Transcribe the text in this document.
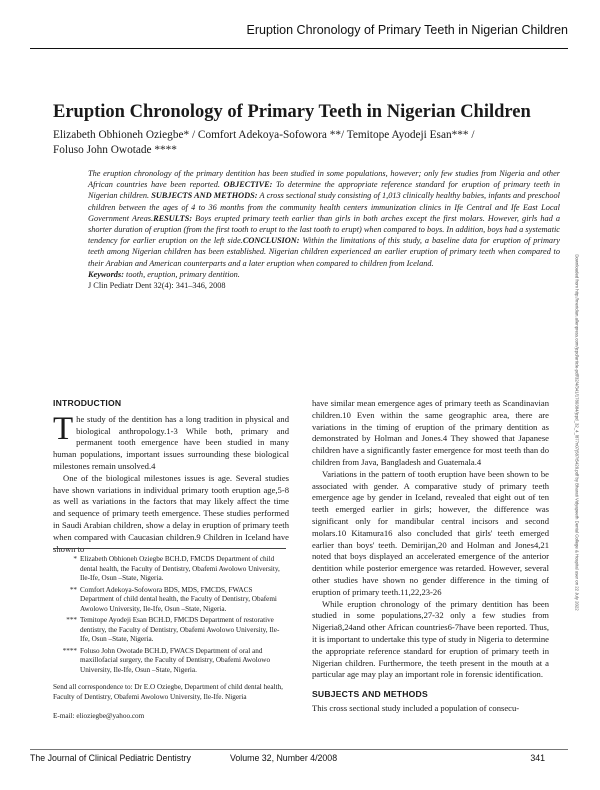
Eruption Chronology of Primary Teeth in Nigerian Children
Eruption Chronology of Primary Teeth in Nigerian Children
Elizabeth Obhioneh Oziegbe* / Comfort Adekoya-Sofowora **/ Temitope Ayodeji Esan*** /
Foluso John Owotade ****
The eruption chronology of the primary dentition has been studied in some populations, however; only few studies from Nigeria and other African countries have been reported. OBJECTIVE: To determine the appropriate reference standard for eruption of primary teeth in Nigerian children. SUBJECTS AND METHODS: A cross sectional study consisting of 1,013 clinically healthy babies, infants and preschool children between the ages of 4 to 36 months from the community health centers immunization clinics in Ife Central and Ife East Local Government Areas.RESULTS: Boys erupted primary teeth earlier than girls in both arches except the first molars. However, girls had a shorter duration of eruption (from the first tooth to erupt to the last tooth to erupt) when compared to boys. In addition, boys had a systematic tendency for earlier eruption on the left side.CONCLUSION: Within the limitations of this study, a baseline data for eruption of primary teeth among Nigerian children has been established. Nigerian children experienced an earlier eruption of primary teeth when compared to their Arabian and American counterparts and a later eruption when compared to children from Iceland.
Keywords: tooth, eruption, primary dentition.
J Clin Pediatr Dent 32(4): 341–346, 2008	Downloaded from http://meridian.allenpress.com/jcpd/article-pdf/32/4/341/1780384/jcpd_32_4_l877n07j587t5420.pdf by Bharati Vidyapeeth Dental College & Hospital user on 22 July 2022
INTRODUCTION

The study of the dentition has a long tradition in physical and biological anthropology.1-3 While both, primary and permanent tooth emergence have been studied in many human populations, important issues surrounding these biological milestones remain unsolved.4

One of the biological milestones issues is age. Several studies have shown variations in individual primary tooth eruption age,5-8 as well as variations in the factors that may likely affect the time and sequence of primary teeth emergence. These studies performed in Saudi Arabian children, show a delay in eruption of primary teeth when compared with Caucasian children.9 Children in Iceland have shown to

* Elizabeth Obhioneh Oziegbe BCH.D, FMCDS Department of child dental health, the Faculty of Dentistry, Obafemi Awolowo University, Ile-Ife, Osun –State, Nigeria.
** Comfort Adekoya-Sofowora BDS, MDS, FMCDS, FWACS Department of child dental health, the Faculty of Dentistry, Obafemi Awolowo University, Ile-Ife, Osun –State, Nigeria.
*** Temitope Ayodeji Esan BCH.D, FMCDS Department of restorative dentistry, the Faculty of Dentistry, Obafemi Awolowo University, Ile-Ife, Osun –State, Nigeria.
**** Foluso John Owotade BCH.D, FWACS Department of oral and maxillofacial surgery, the Faculty of Dentistry, Obafemi Awolowo University, Ile-Ife, Osun –State, Nigeria.
Send all correspondence to: Dr E.O Oziegbe, Department of child dental health, Faculty of Dentistry, Obafemi Awolowo University, Ile-Ife. Nigeria
E-mail: elioziegbe@yahoo.com

have similar mean emergence ages of primary teeth as Scandinavian children.10 Even within the same geographic area, there are variations in the timing of eruption of the primary dentition as demonstrated by Holman and Jones.4 They showed that Japanese children have a significantly faster emergence for most teeth than do children from Java, Bangladesh and Guatemala.4

Variations in the pattern of tooth eruption have been shown to be associated with gender. A comparative study of primary teeth emergence age by gender in Iceland, revealed that eight out of ten teeth emerged earlier in girls; however, the difference was significant only for mandibular central incisors and second molars.10 Kitamura16 also concluded that girls' teeth emerged earlier than boys' teeth. Demirijan,20 and Holman and Jones4,21 noted that boys displayed an accelerated emergence of the anterior dentition while posterior emergence was retarded. However, several other studies have shown no gender difference in the timing of eruption of primary teeth.11,22,23-26

While eruption chronology of the primary dentition has been studied in some populations,27-32 only a few studies from Nigeria8,24and other African countries6-7have been reported. Thus, it is important to undertake this type of study in Nigeria to determine the appropriate reference standard for eruption of primary teeth in Nigerian children. Furthermore, the teeth present in the mouth at a particular age may play an important role in forensic identification.

SUBJECTS AND METHODS

This cross sectional study included a population of consecu-

The Journal of Clinical Pediatric Dentistry	Volume 32, Number 4/2008	341
